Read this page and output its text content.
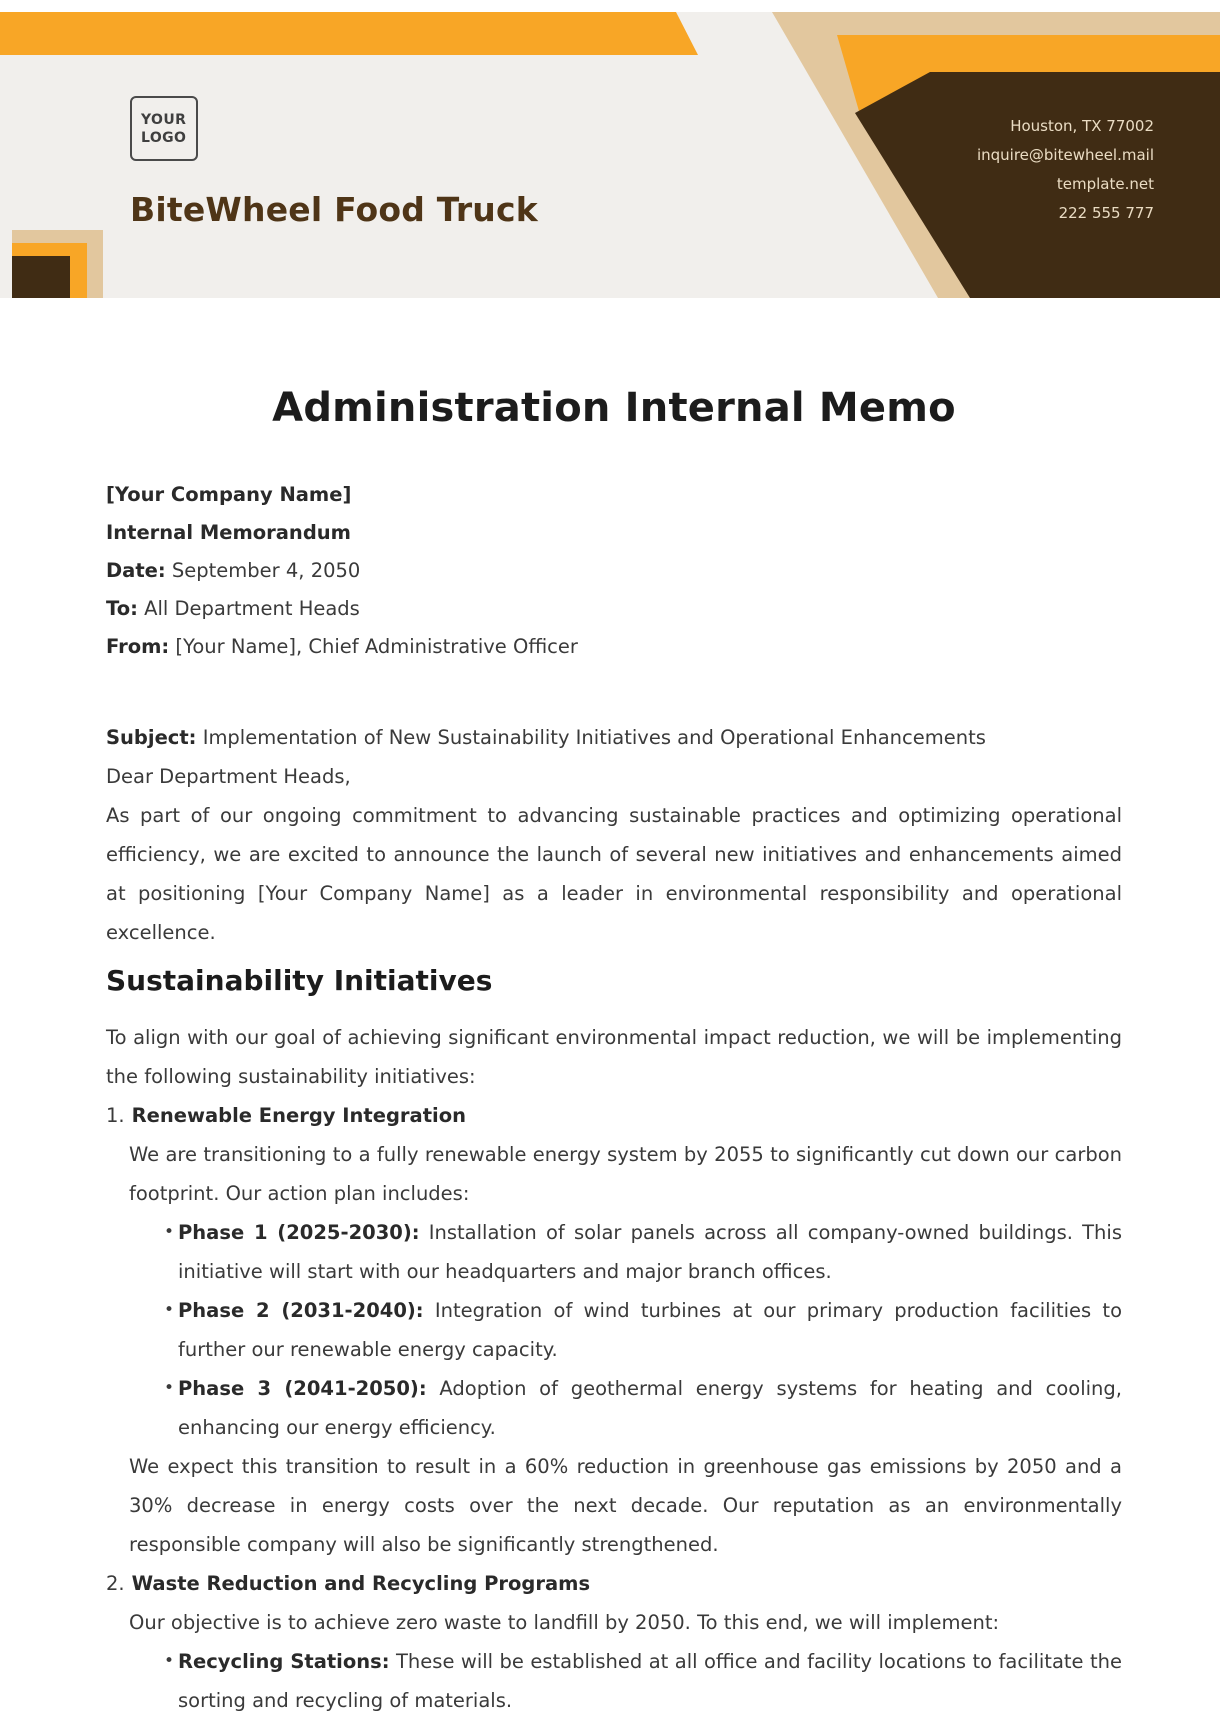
YOUR
LOGO
BiteWheel Food Truck
Houston, TX 77002
inquire@bitewheel.mail
template.net
222 555 777
Administration Internal Memo

[Your Company Name]

Internal Memorandum

Date: September 4, 2050

To: All Department Heads

From: [Your Name], Chief Administrative Officer

Subject: Implementation of New Sustainability Initiatives and Operational Enhancements

Dear Department Heads,

As part of our ongoing commitment to advancing sustainable practices and optimizing operational efficiency, we are excited to announce the launch of several new initiatives and enhancements aimed at positioning [Your Company Name] as a leader in environmental responsibility and operational excellence.

Sustainability Initiatives

To align with our goal of achieving significant environmental impact reduction, we will be implementing the following sustainability initiatives:

1. Renewable Energy Integration

We are transitioning to a fully renewable energy system by 2055 to significantly cut down our carbon footprint. Our action plan includes:

•

Phase 1 (2025-2030): Installation of solar panels across all company-owned buildings. This initiative will start with our headquarters and major branch offices.

•

Phase 2 (2031-2040): Integration of wind turbines at our primary production facilities to further our renewable energy capacity.

•

Phase 3 (2041-2050): Adoption of geothermal energy systems for heating and cooling, enhancing our energy efficiency.

We expect this transition to result in a 60% reduction in greenhouse gas emissions by 2050 and a 30% decrease in energy costs over the next decade. Our reputation as an environmentally responsible company will also be significantly strengthened.

2. Waste Reduction and Recycling Programs

Our objective is to achieve zero waste to landfill by 2050. To this end, we will implement:

•

Recycling Stations: These will be established at all office and facility locations to facilitate the sorting and recycling of materials.
